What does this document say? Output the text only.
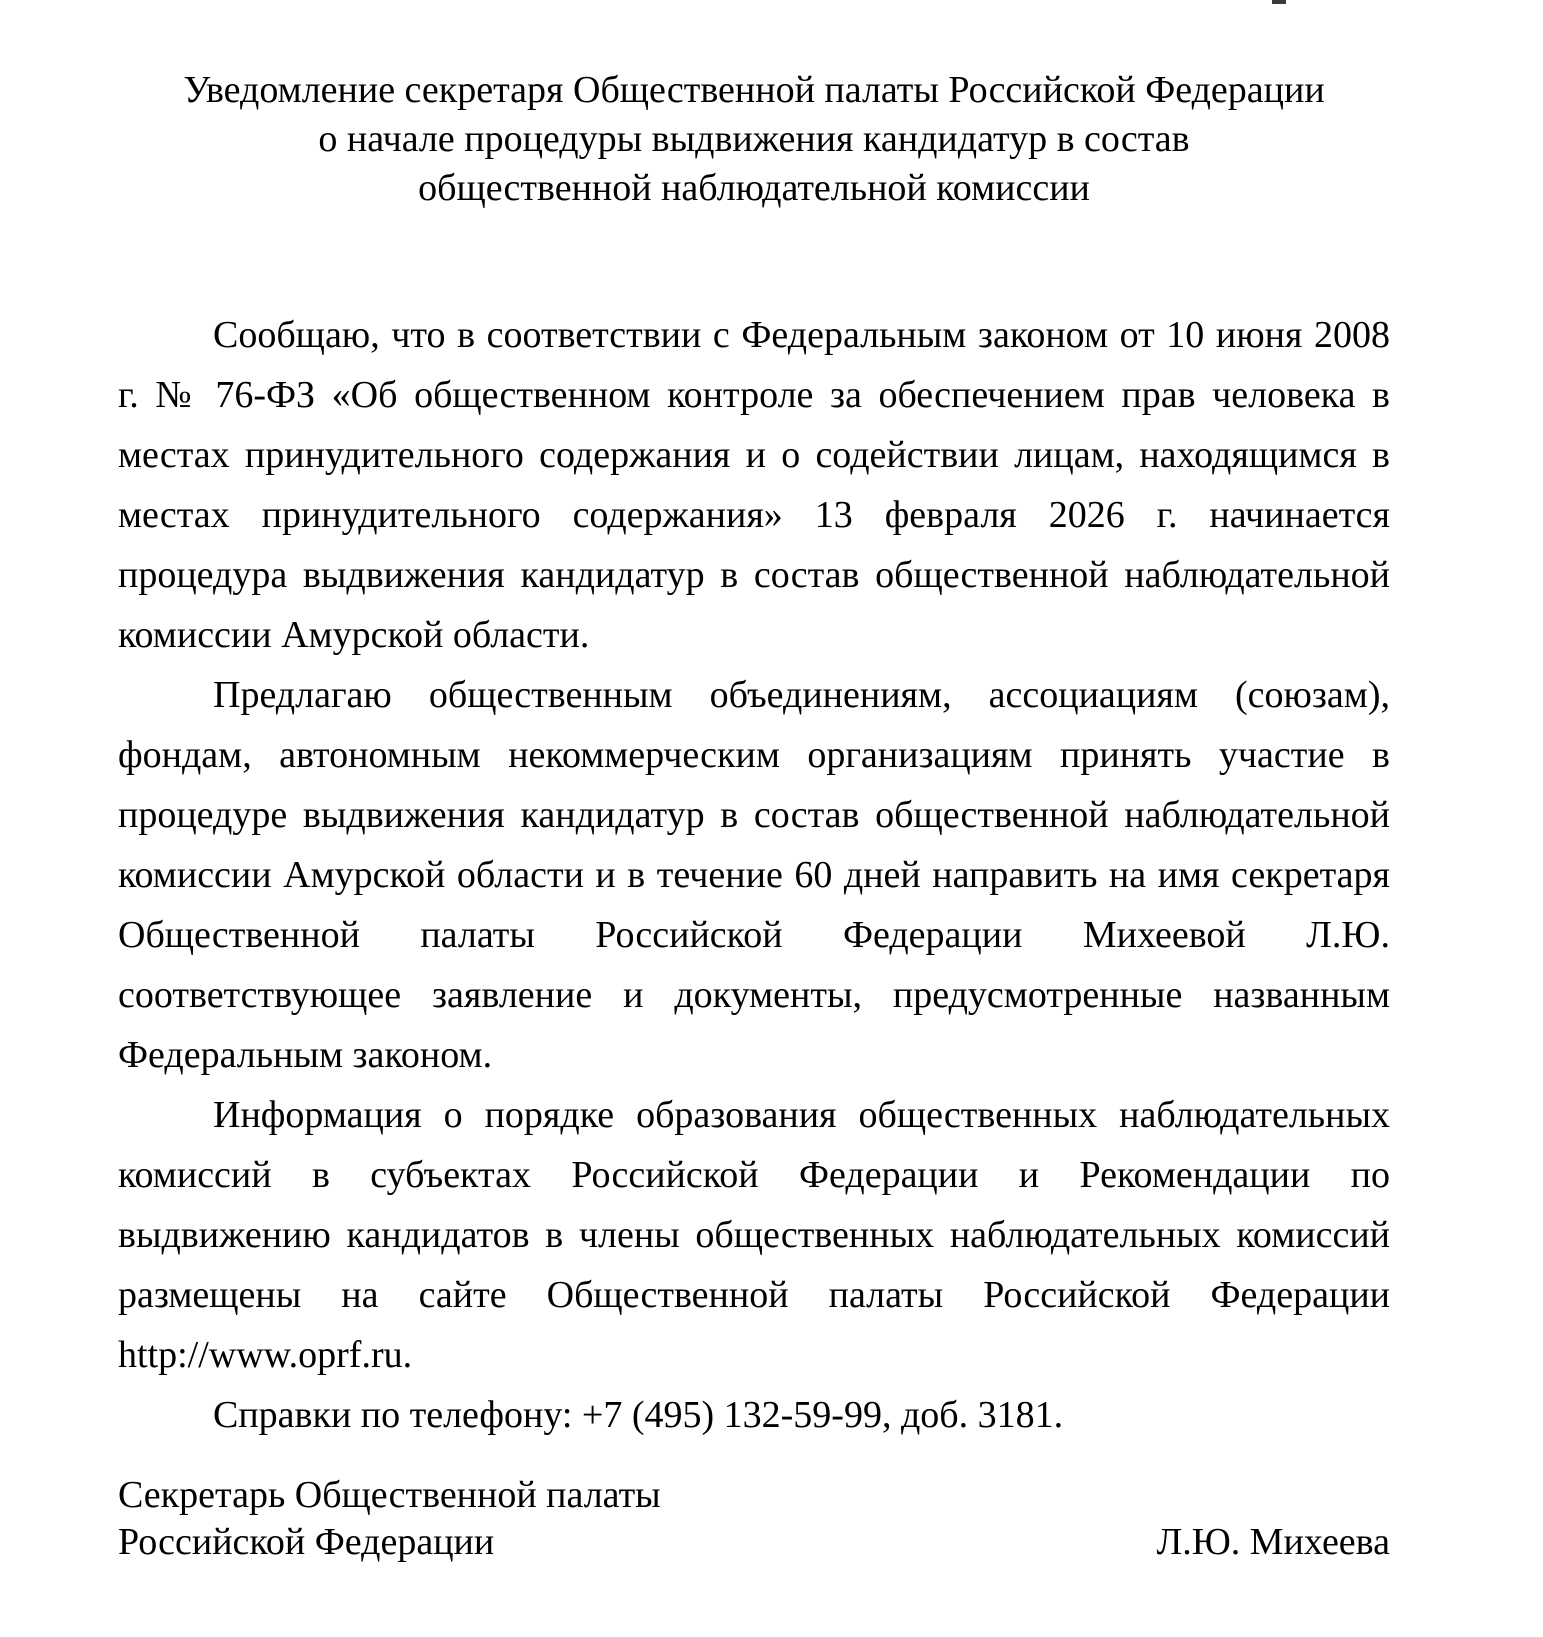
Уведомление секретаря Общественной палаты Российской Федерации
о начале процедуры выдвижения кандидатур в состав
общественной наблюдательной комиссии

Сообщаю, что в соответствии с Федеральным законом от 10 июня 2008 г. № 76-ФЗ «Об общественном контроле за обеспечением прав человека в местах принудительного содержания и о содействии лицам, находящимся в местах принудительного содержания» 13 февраля 2026 г. начинается процедура выдвижения кандидатур в состав общественной наблюдательной комиссии Амурской области.

Предлагаю общественным объединениям, ассоциациям (союзам), фондам, автономным некоммерческим организациям принять участие в процедуре выдвижения кандидатур в состав общественной наблюдательной комиссии Амурской области и в течение 60 дней направить на имя секретаря Общественной палаты Российской Федерации Михеевой Л.Ю. соответствующее заявление и документы, предусмотренные названным Федеральным законом.

Информация о порядке образования общественных наблюдательных комиссий в субъектах Российской Федерации и Рекомендации по выдвижению кандидатов в члены общественных наблюдательных комиссий размещены на сайте Общественной палаты Российской Федерации http://www.oprf.ru.

Справки по телефону: +7 (495) 132-59-99, доб. 3181.

Секретарь Общественной палаты
Российской Федерации	Л.Ю. Михеева
